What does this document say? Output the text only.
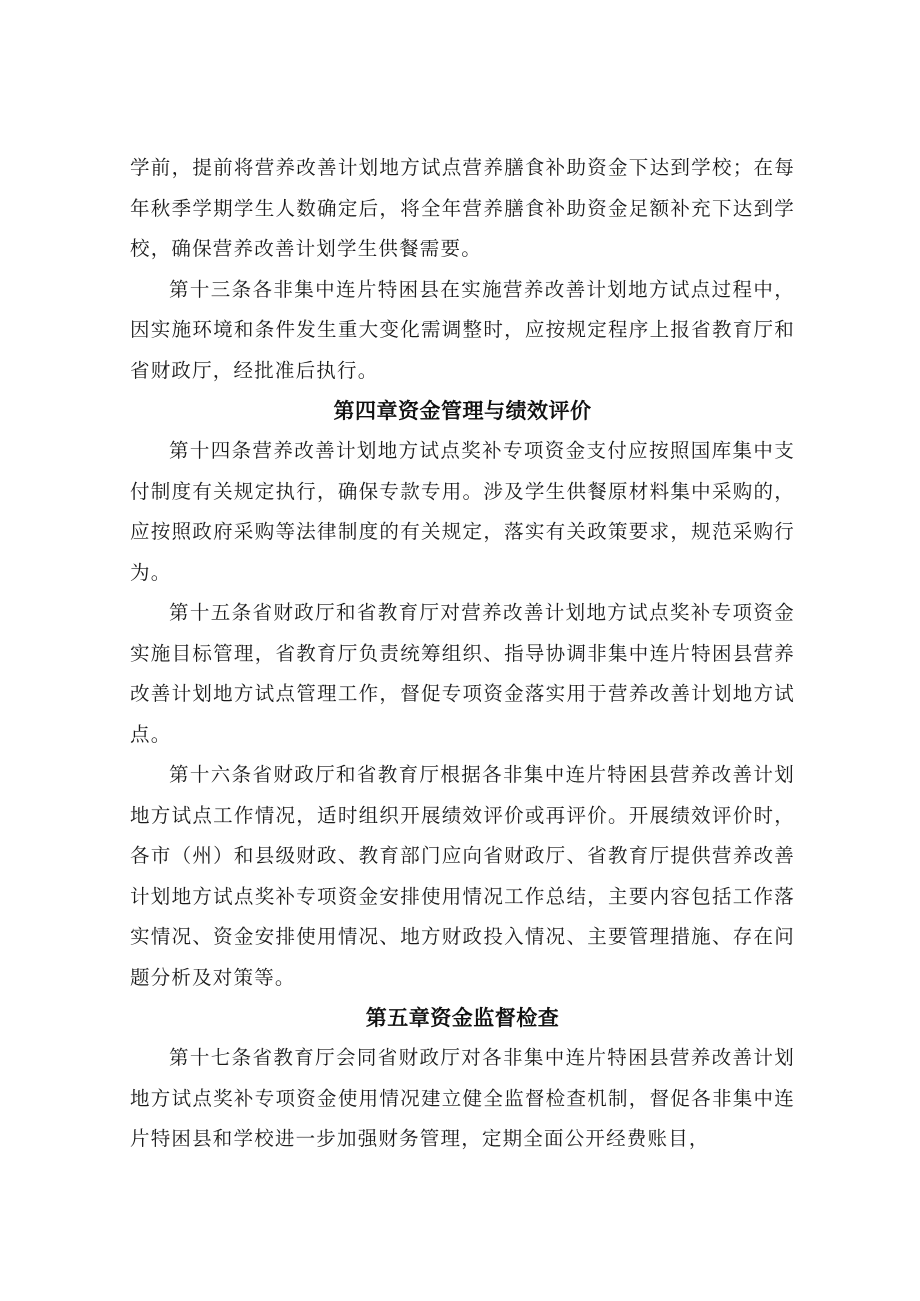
学前，提前将营养改善计划地方试点营养膳食补助资金下达到学校；在每年秋季学期学生人数确定后，将全年营养膳食补助资金足额补充下达到学校，确保营养改善计划学生供餐需要。

第十三条各非集中连片特困县在实施营养改善计划地方试点过程中，因实施环境和条件发生重大变化需调整时，应按规定程序上报省教育厅和省财政厅，经批准后执行。

第四章资金管理与绩效评价

第十四条营养改善计划地方试点奖补专项资金支付应按照国库集中支付制度有关规定执行，确保专款专用。涉及学生供餐原材料集中采购的，应按照政府采购等法律制度的有关规定，落实有关政策要求，规范采购行为。

第十五条省财政厅和省教育厅对营养改善计划地方试点奖补专项资金实施目标管理，省教育厅负责统筹组织、指导协调非集中连片特困县营养改善计划地方试点管理工作，督促专项资金落实用于营养改善计划地方试点。

第十六条省财政厅和省教育厅根据各非集中连片特困县营养改善计划地方试点工作情况，适时组织开展绩效评价或再评价。开展绩效评价时，各市（州）和县级财政、教育部门应向省财政厅、省教育厅提供营养改善计划地方试点奖补专项资金安排使用情况工作总结，主要内容包括工作落实情况、资金安排使用情况、地方财政投入情况、主要管理措施、存在问题分析及对策等。

第五章资金监督检查

第十七条省教育厅会同省财政厅对各非集中连片特困县营养改善计划地方试点奖补专项资金使用情况建立健全监督检查机制，督促各非集中连片特困县和学校进一步加强财务管理，定期全面公开经费账目，
